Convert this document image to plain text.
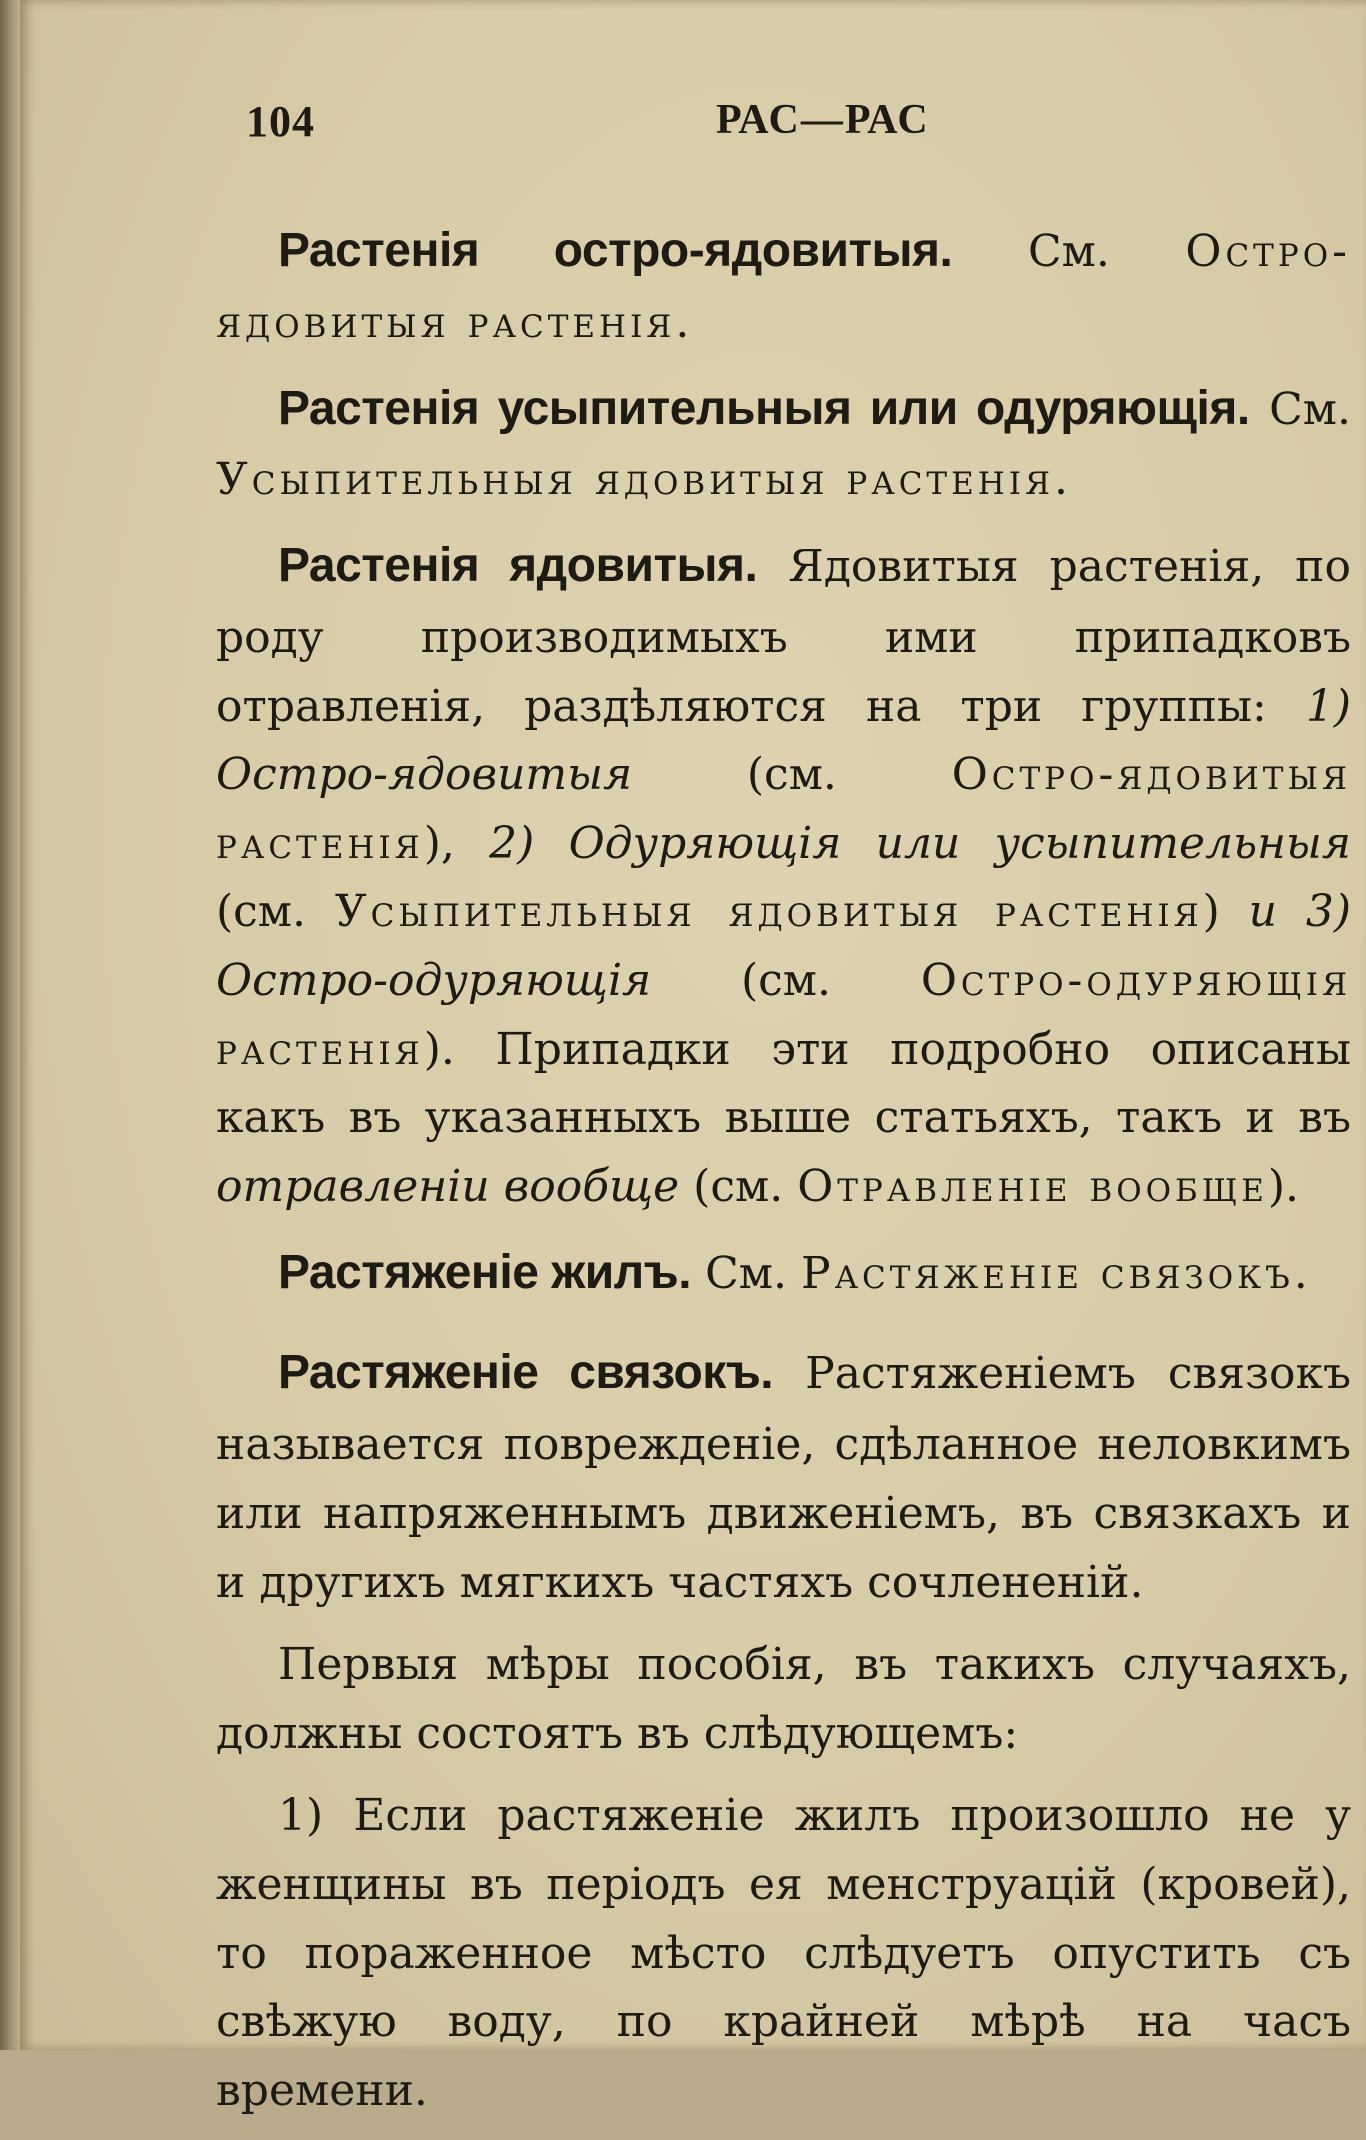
104	РАС—РАС

Растенія остро-ядовитыя. См. Остро-ядовитыя растенія.

Растенія усыпительныя или одуряющія. См. Усыпительныя ядовитыя растенія.

Растенія ядовитыя. Ядовитыя растенія, по роду производимыхъ ими припадковъ отравленія, раздѣляются на три группы: 1) Остро-ядовитыя (см. Остро-ядовитыя растенія), 2) Одуряющія или усыпительныя (см. Усыпительныя ядовитыя растенія) и 3) Остро-одуряющія (см. Остро-одуряющія растенія). Припадки эти подробно описаны какъ въ указанныхъ выше статьяхъ, такъ и въ отравленіи вообще (см. Отравленіе вообще).

Растяженіе жилъ. См. Растяженіе связокъ.

Растяженіе связокъ. Растяженіемъ связокъ называется поврежденіе, сдѣланное неловкимъ или напряженнымъ движеніемъ, въ связкахъ и и другихъ мягкихъ частяхъ сочлененій.

Первыя мѣры пособія, въ такихъ случаяхъ, должны состоятъ въ слѣдующемъ:

1) Если растяженіе жилъ произошло не у женщины въ періодъ ея менструацій (кровей), то пораженное мѣсто слѣдуетъ опустить съ свѣжую воду, по крайней мѣрѣ на часъ времени.
